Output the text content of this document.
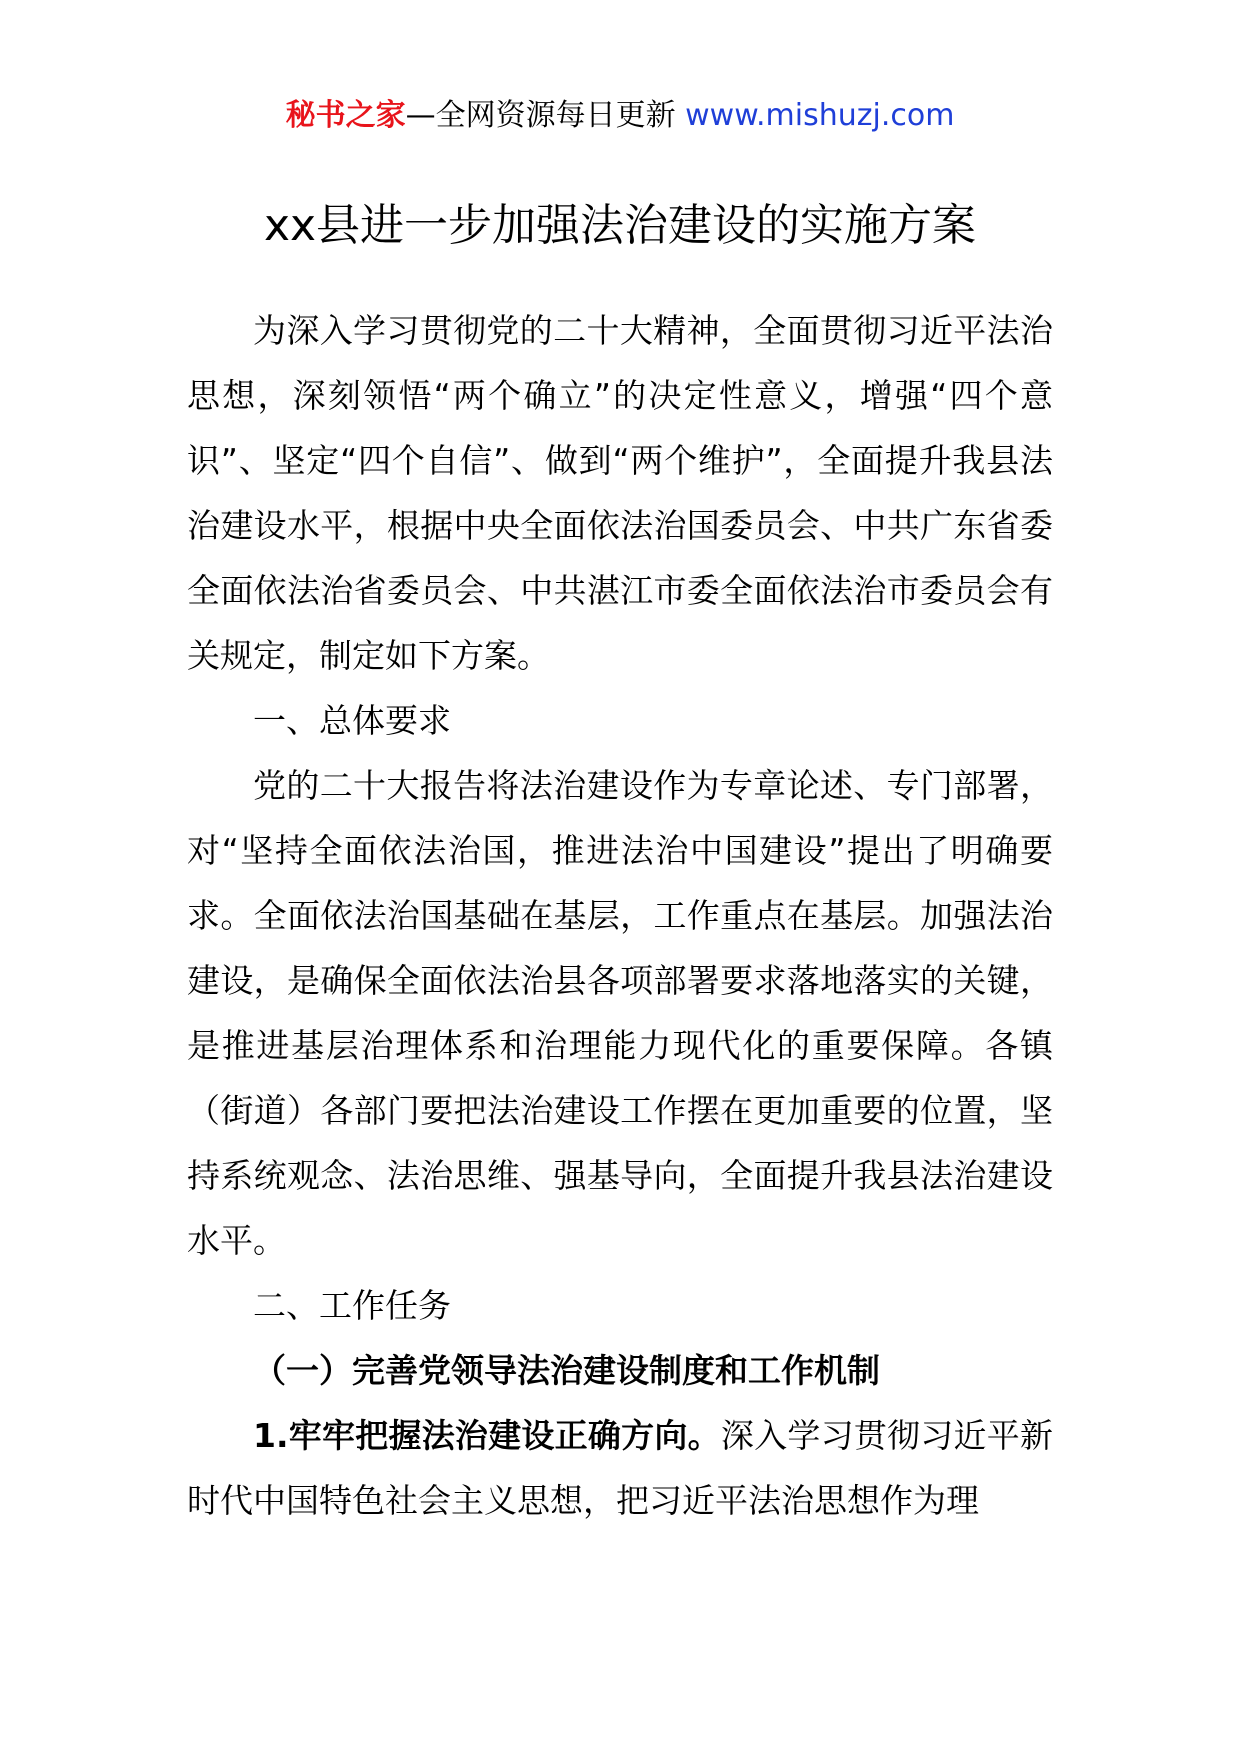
秘书之家—全网资源每日更新 www.mishuzj.com
xx县进一步加强法治建设的实施方案

为深入学习贯彻党的二十大精神，全面贯彻习近平法治思想，深刻领悟“两个确立”的决定性意义，增强“四个意识”、坚定“四个自信”、做到“两个维护”，全面提升我县法治建设水平，根据中央全面依法治国委员会、中共广东省委全面依法治省委员会、中共湛江市委全面依法治市委员会有关规定，制定如下方案。

一、总体要求

党的二十大报告将法治建设作为专章论述、专门部署，对“坚持全面依法治国，推进法治中国建设”提出了明确要求。全面依法治国基础在基层，工作重点在基层。加强法治建设，是确保全面依法治县各项部署要求落地落实的关键，是推进基层治理体系和治理能力现代化的重要保障。各镇（街道）各部门要把法治建设工作摆在更加重要的位置，坚持系统观念、法治思维、强基导向，全面提升我县法治建设水平。

二、工作任务

（一）完善党领导法治建设制度和工作机制

1.牢牢把握法治建设正确方向。深入学习贯彻习近平新时代中国特色社会主义思想，把习近平法治思想作为理
